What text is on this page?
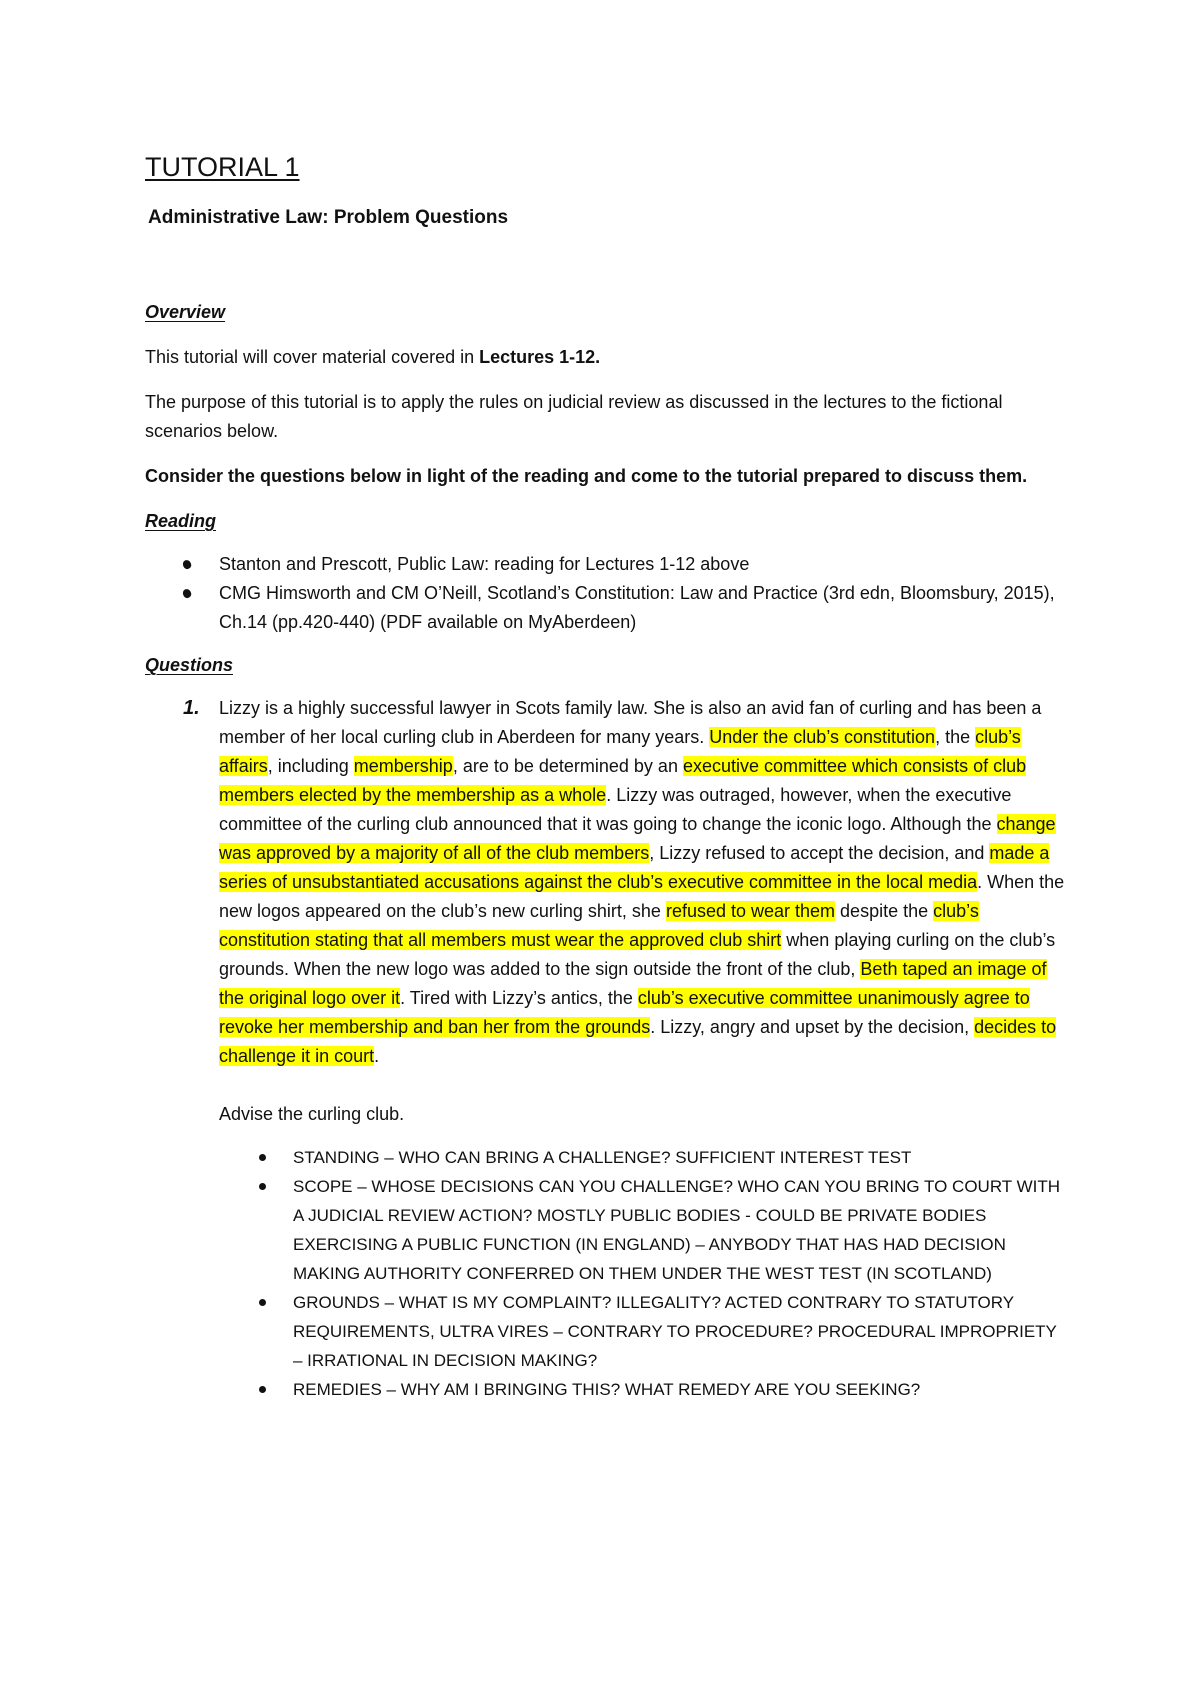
TUTORIAL 1
Administrative Law: Problem Questions
Overview

This tutorial will cover material covered in Lectures 1-12.

The purpose of this tutorial is to apply the rules on judicial review as discussed in the lectures to the fictional scenarios below.

Consider the questions below in light of the reading and come to the tutorial prepared to discuss them.

Reading
Stanton and Prescott, Public Law: reading for Lectures 1-12 above
CMG Himsworth and CM O’Neill, Scotland’s Constitution: Law and Practice (3rd edn, Bloomsbury, 2015), Ch.14 (pp.420-440) (PDF available on MyAberdeen)
Questions
1. Lizzy is a highly successful lawyer in Scots family law. She is also an avid fan of curling and has been a member of her local curling club in Aberdeen for many years. Under the club’s constitution, the club’s affairs, including membership, are to be determined by an executive committee which consists of club members elected by the membership as a whole. Lizzy was outraged, however, when the executive committee of the curling club announced that it was going to change the iconic logo. Although the change was approved by a majority of all of the club members, Lizzy refused to accept the decision, and made a series of unsubstantiated accusations against the club’s executive committee in the local media. When the new logos appeared on the club’s new curling shirt, she refused to wear them despite the club’s constitution stating that all members must wear the approved club shirt when playing curling on the club’s grounds. When the new logo was added to the sign outside the front of the club, Beth taped an image of the original logo over it. Tired with Lizzy’s antics, the club’s executive committee unanimously agree to revoke her membership and ban her from the grounds. Lizzy, angry and upset by the decision, decides to challenge it in court.

Advise the curling club.

STANDING – WHO CAN BRING A CHALLENGE? SUFFICIENT INTEREST TEST
SCOPE – WHOSE DECISIONS CAN YOU CHALLENGE? WHO CAN YOU BRING TO COURT WITH A JUDICIAL REVIEW ACTION? MOSTLY PUBLIC BODIES - COULD BE PRIVATE BODIES EXERCISING A PUBLIC FUNCTION (IN ENGLAND) – ANYBODY THAT HAS HAD DECISION MAKING AUTHORITY CONFERRED ON THEM UNDER THE WEST TEST (IN SCOTLAND)
GROUNDS – WHAT IS MY COMPLAINT? ILLEGALITY? ACTED CONTRARY TO STATUTORY REQUIREMENTS, ULTRA VIRES – CONTRARY TO PROCEDURE? PROCEDURAL IMPROPRIETY – IRRATIONAL IN DECISION MAKING?
REMEDIES – WHY AM I BRINGING THIS? WHAT REMEDY ARE YOU SEEKING?
